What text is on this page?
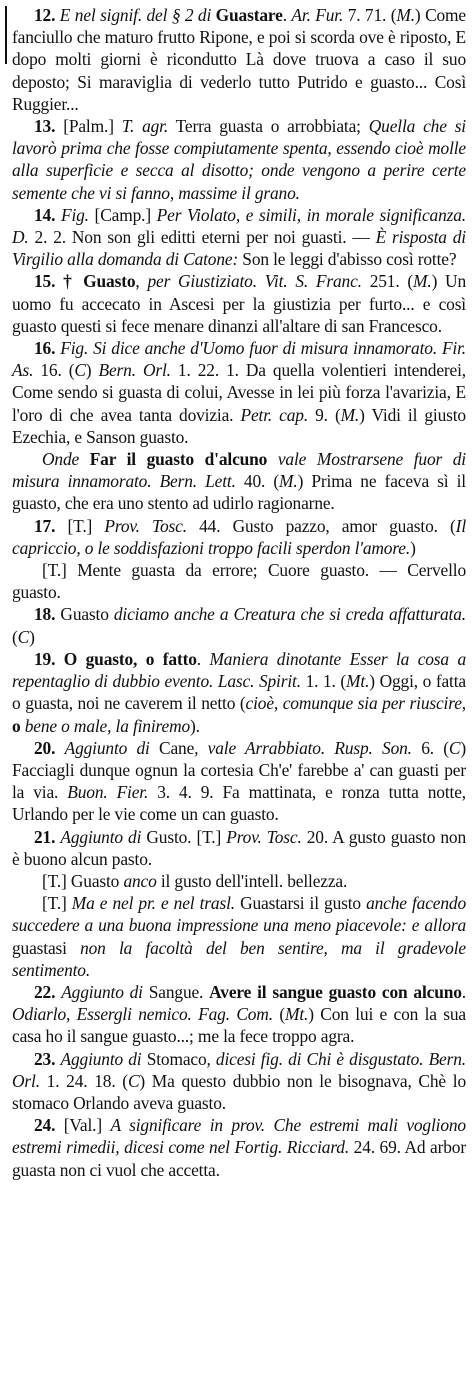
12. E nel signif. del § 2 di Guastare. Ar. Fur. 7. 71. (M.) Come fanciullo che maturo frutto Ripone, e poi si scorda ove è riposto, E dopo molti giorni è ricondutto Là dove truova a caso il suo deposto; Si maraviglia di vederlo tutto Putrido e guasto... Così Ruggier...

13. [Palm.] T. agr. Terra guasta o arrobbiata; Quella che si lavorò prima che fosse compiutamente spenta, essendo cioè molle alla superficie e secca al disotto; onde vengono a perire certe semente che vi si fanno, massime il grano.

14. Fig. [Camp.] Per Violato, e simili, in morale significanza. D. 2. 2. Non son gli editti eterni per noi guasti. — È risposta di Virgilio alla domanda di Catone: Son le leggi d'abisso così rotte?

15. † Guasto, per Giustiziato. Vit. S. Franc. 251. (M.) Un uomo fu accecato in Ascesi per la giustizia per furto... e così guasto questi si fece menare dinanzi all'altare di san Francesco.

16. Fig. Si dice anche d'Uomo fuor di misura innamorato. Fir. As. 16. (C) Bern. Orl. 1. 22. 1. Da quella volentieri intenderei, Come sendo si guasta di colui, Avesse in lei più forza l'avarizia, E l'oro di che avea tanta dovizia. Petr. cap. 9. (M.) Vidi il giusto Ezechia, e Sanson guasto.

Onde Far il guasto d'alcuno vale Mostrarsene fuor di misura innamorato. Bern. Lett. 40. (M.) Prima ne faceva sì il guasto, che era uno stento ad udirlo ragionarne.

17. [T.] Prov. Tosc. 44. Gusto pazzo, amor guasto. (Il capriccio, o le soddisfazioni troppo facili sperdon l'amore.)

[T.] Mente guasta da errore; Cuore guasto. — Cervello guasto.

18. Guasto diciamo anche a Creatura che si creda affatturata. (C)

19. O guasto, o fatto. Maniera dinotante Esser la cosa a repentaglio di dubbio evento. Lasc. Spirit. 1. 1. (Mt.) Oggi, o fatta o guasta, noi ne caverem il netto (cioè, comunque sia per riuscire, o bene o male, la finiremo).

20. Aggiunto di Cane, vale Arrabbiato. Rusp. Son. 6. (C) Facciagli dunque ognun la cortesia Ch'e' farebbe a' can guasti per la via. Buon. Fier. 3. 4. 9. Fa mattinata, e ronza tutta notte, Urlando per le vie come un can guasto.

21. Aggiunto di Gusto. [T.] Prov. Tosc. 20. A gusto guasto non è buono alcun pasto.

[T.] Guasto anco il gusto dell'intell. bellezza.

[T.] Ma e nel pr. e nel trasl. Guastarsi il gusto anche facendo succedere a una buona impressione una meno piacevole: e allora guastasi non la facoltà del ben sentire, ma il gradevole sentimento.

22. Aggiunto di Sangue. Avere il sangue guasto con alcuno. Odiarlo, Essergli nemico. Fag. Com. (Mt.) Con lui e con la sua casa ho il sangue guasto...; me la fece troppo agra.

23. Aggiunto di Stomaco, dicesi fig. di Chi è disgustato. Bern. Orl. 1. 24. 18. (C) Ma questo dubbio non le bisognava, Chè lo stomaco Orlando aveva guasto.

24. [Val.] A significare in prov. Che estremi mali vogliono estremi rimedii, dicesi come nel Fortig. Ricciard. 24. 69. Ad arbor guasta non ci vuol che accetta.
